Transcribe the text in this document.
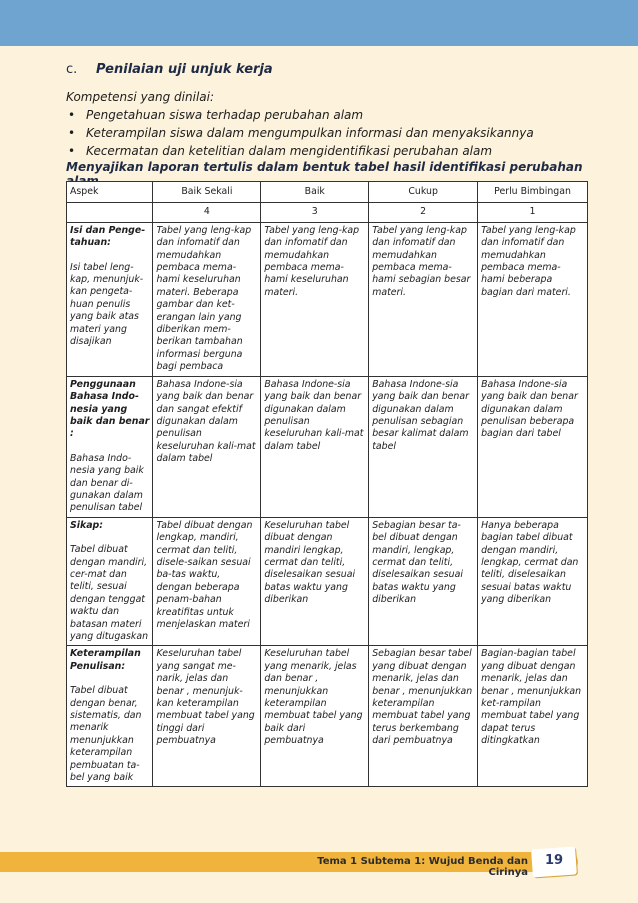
c. Penilaian uji unjuk kerja
Kompetensi yang dinilai:
• Pengetahuan siswa terhadap perubahan alam
• Keterampilan siswa dalam mengumpulkan informasi dan menyaksikannya
• Kecermatan dan ketelitian dalam mengidentifikasi perubahan alam
Menyajikan laporan tertulis dalam bentuk tabel hasil identifikasi perubahan
Aspek	Baik Sekali	Baik	Cukup	Perlu Bimbingan
	4	3	2	1

Isi dan Penge-tahuan:
Isi tabel leng-kap, menunjuk-kan pengeta-huan penulis yang baik atas materi yang disajikan	Tabel yang leng-kap dan infomatif dan memudahkan pembaca mema-hami keseluruhan materi. Beberapa gambar dan ket-erangan lain yang diberikan mem-berikan tambahan informasi berguna bagi pembaca	Tabel yang leng-kap dan infomatif dan memudahkan pembaca mema-hami keseluruhan materi.	Tabel yang leng-kap dan infomatif dan memudahkan pembaca mema-hami sebagian besar materi.	Tabel yang leng-kap dan infomatif dan memudahkan pembaca mema-hami beberapa bagian dari materi.

Penggunaan Bahasa Indo-nesia yang baik dan benar :
Bahasa Indo-nesia yang baik dan benar di-gunakan dalam penulisan tabel	Bahasa Indone-sia yang baik dan benar dan sangat efektif digunakan dalam penulisan keseluruhan kali-mat dalam tabel	Bahasa Indone-sia yang baik dan benar digunakan dalam penulisan keseluruhan kali-mat dalam tabel	Bahasa Indone-sia yang baik dan benar digunakan dalam penulisan sebagian besar kalimat dalam tabel	Bahasa Indone-sia yang baik dan benar digunakan dalam penulisan beberapa bagian dari tabel

Sikap:
Tabel dibuat dengan mandiri, cer-mat dan teliti, sesuai dengan tenggat waktu dan batasan materi yang ditugaskan	Tabel dibuat dengan lengkap, mandiri, cermat dan teliti, disele-saikan sesuai ba-tas waktu, dengan beberapa penam-bahan kreatifitas untuk menjelaskan materi	Keseluruhan tabel dibuat dengan mandiri lengkap, cermat dan teliti, diselesaikan sesuai batas waktu yang diberikan	Sebagian besar ta-bel dibuat dengan mandiri, lengkap, cermat dan teliti, diselesaikan sesuai batas waktu yang diberikan	Hanya beberapa bagian tabel dibuat dengan mandiri, lengkap, cermat dan teliti, diselesaikan sesuai batas waktu yang diberikan

Keterampilan Penulisan:
Tabel dibuat dengan benar, sistematis, dan menarik menunjukkan keterampilan pembuatan ta-bel yang baik	Keseluruhan tabel yang sangat me-narik, jelas dan benar , menunjuk-kan keterampilan membuat tabel yang tinggi dari pembuatnya	Keseluruhan tabel yang menarik, jelas dan benar , menunjukkan keterampilan membuat tabel yang baik dari pembuatnya	Sebagian besar tabel yang dibuat dengan menarik, jelas dan benar , menunjukkan keterampilan membuat tabel yang terus berkembang dari pembuatnya	Bagian-bagian tabel yang dibuat dengan menarik, jelas dan benar , menunjukkan ket-rampilan membuat tabel yang dapat terus ditingkatkan
Tema 1 Subtema 1: Wujud Benda dan Cirinya
19
